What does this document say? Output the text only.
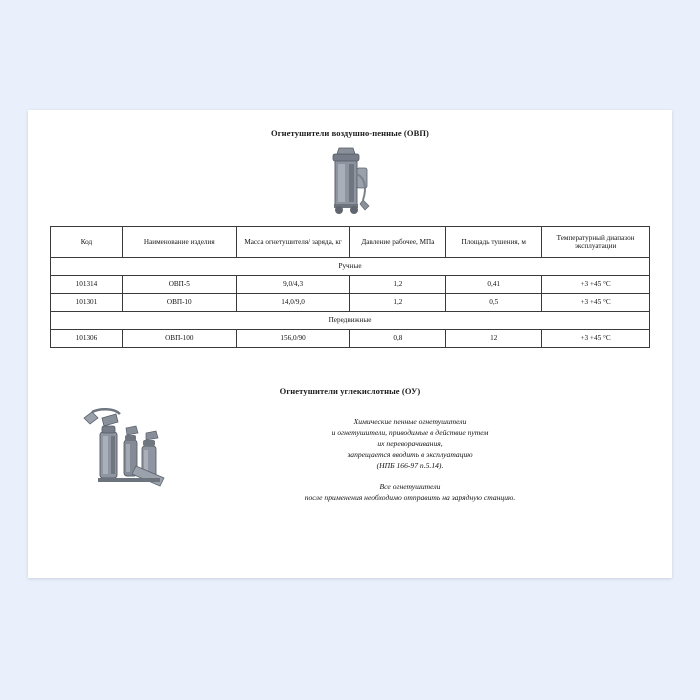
Огнетушители воздушно-пенные (ОВП)
Код	Наименование изделия	Масса огнетушителя/ заряда, кг	Давление рабочее, МПа	Площадь тушения, м	Температурный диапазон эксплуатации
Ручные					
101314	ОВП-5	9,0/4,3	1,2	0,41	+3 +45 °С
101301	ОВП-10	14,0/9,0	1,2	0,5	+3 +45 °С
Передвижные					
101306	ОВП-100	156,0/90	0,8	12	+3 +45 °С
Огнетушители углекислотные (ОУ)

Химические пенные огнетушители

и огнетушители, приводимые в действие путем

их переворачивания,

запрещается вводить в эксплуатацию

(НПБ 166-97 п.5.14).

Все огнетушители

после применения необходимо отправить на зарядную станцию.
